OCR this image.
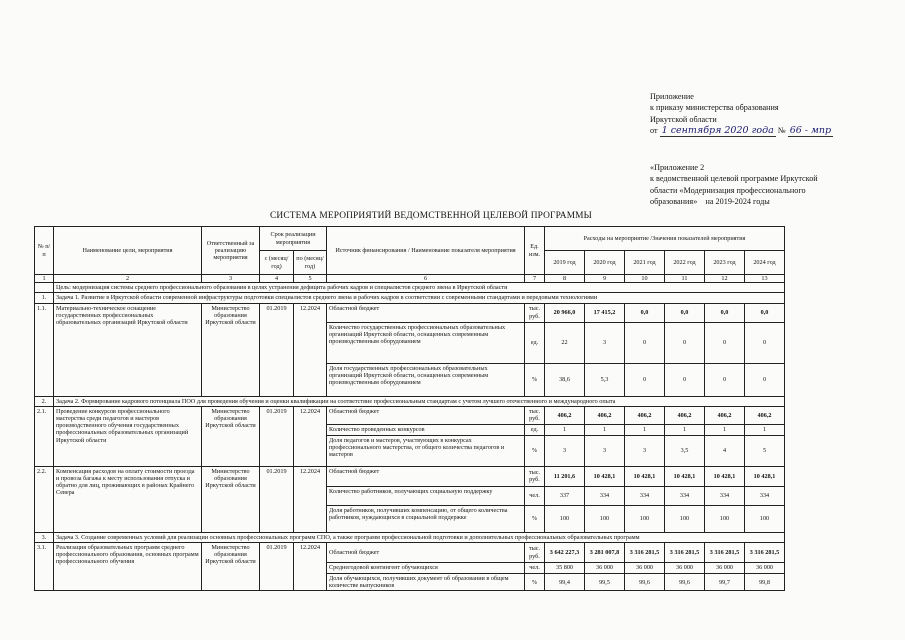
Приложение
к приказу министерства образования
Иркутской области
от 1 сентября 2020 года № 66 - мпр
«Приложение 2
к ведомственной целевой программе Иркутской
области «Модернизация профессионального
образования»    на 2019-2024 годы
СИСТЕМА МЕРОПРИЯТИЙ ВЕДОМСТВЕННОЙ ЦЕЛЕВОЙ ПРОГРАММЫ
№ п/п	Наименование цели, мероприятия	Ответственный за реализацию мероприятия	Срок реализации мероприятия		Источник финансирования / Наименование показателя мероприятия	Ед. изм.	Расходы на мероприятие /Значения показателей мероприятия					
			с (месяц/ год)	по (месяц/ год)			2019 год	2020 год	2021 год	2022 год	2023 год	2024 год
1	2	3	4	5	6	7	8	9	10	11	12	13
	Цель: модернизация системы среднего профессионального образования в целях устранения дефицита рабочих кадров и специалистов среднего звена в Иркутской области											
1.	Задача 1. Развитие в Иркутской области современной инфраструктуры подготовки специалистов среднего звена и рабочих кадров в соответствии с современными стандартами и передовыми технологиями											
1.1.	Материально-техническое оснащение государственных профессиональных образовательных организаций Иркутской области	Министерство образования Иркутской области	01.2019	12.2024	Областной бюджет	тыс. руб.	20 966,0	17 415,2	0,0	0,0	0,0	0,0
					Количество государственных профессиональных образовательных организаций Иркутской области, оснащенных современным производственным оборудованием	ед.	22	3	0	0	0	0
					Доля государственных профессиональных образовательных организаций Иркутской области, оснащенных современным производственным оборудованием	%	38,6	5,3	0	0	0	0
2.	Задача 2. Формирование кадрового потенциала ПОО для проведения обучения и оценки квалификации на соответствие профессиональным стандартам с учетом лучшего отечественного и международного опыта											
2.1.	Проведение конкурсов профессионального мастерства среди педагогов и мастеров производственного обучения государственных профессиональных образовательных организаций Иркутской области	Министерство образования Иркутской области	01.2019	12.2024	Областной бюджет	тыс. руб.	406,2	406,2	406,2	406,2	406,2	406,2
					Количество проведенных конкурсов	ед.	1	1	1	1	1	1
					Доля педагогов и мастеров, участвующих в конкурсах профессионального мастерства, от общего количества педагогов и мастеров	%	3	3	3	3,5	4	5
2.2.	Компенсация расходов на оплату стоимости проезда и провоза багажа к месту использования отпуска и обратно для лиц, проживающих в районах Крайнего Севера	Министерство образования Иркутской области	01.2019	12.2024	Областной бюджет	тыс. руб.	11 201,6	10 428,1	10 428,1	10 428,1	10 428,1	10 428,1
					Количество работников, получающих социальную поддержку	чел.	337	334	334	334	334	334
					Доля работников, получивших компенсацию, от общего количества работников, нуждающихся в социальной поддержке	%	100	100	100	100	100	100
3.	Задача 3. Создание современных условий для реализации основных профессиональных программ СПО, а также программ профессиональной подготовки и дополнительных профессиональных образовательных программ											
3.1.	Реализация образовательных программ среднего профессионального образования, основных программ профессионального обучения	Министерство образования Иркутской области	01.2019	12.2024	Областной бюджет	тыс. руб.	3 642 227,3	3 281 007,8	3 316 281,5	3 316 281,5	3 316 281,5	3 316 281,5
					Среднегодовой контингент обучающихся	чел.	35 800	36 000	36 000	36 000	36 000	36 000
					Доля обучающихся, получивших документ об образовании в общем количестве выпускников	%	99,4	99,5	99,6	99,6	99,7	99,8
